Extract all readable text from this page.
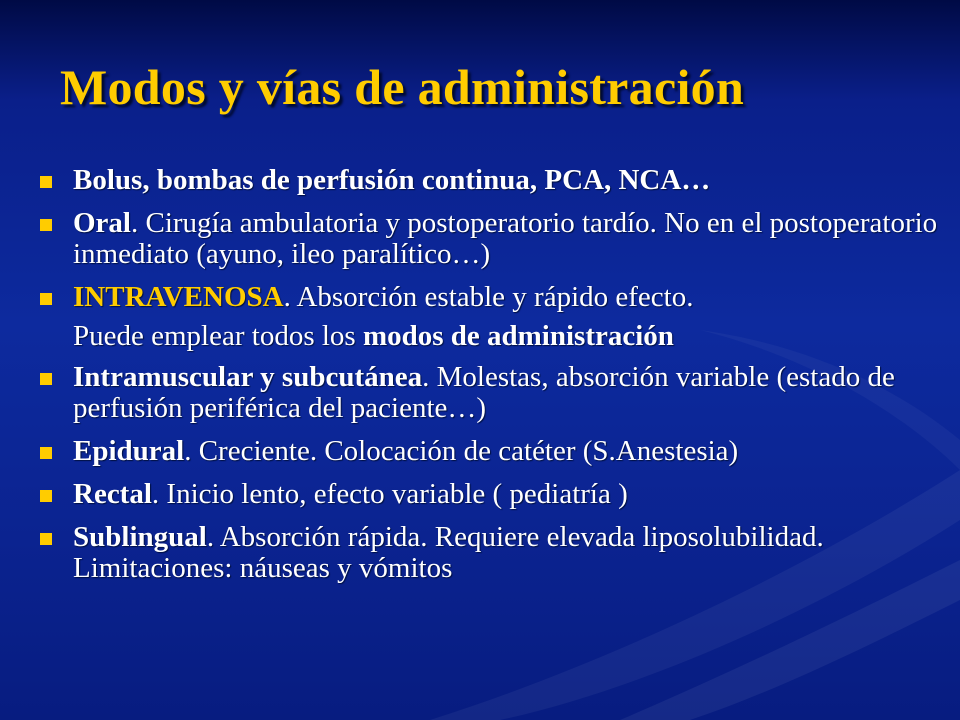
Modos y vías de administración
Bolus, bombas de perfusión continua, PCA, NCA…
Oral. Cirugía ambulatoria y postoperatorio tardío. No en el postoperatorio inmediato (ayuno, ileo paralítico…)
INTRAVENOSA. Absorción estable y rápido efecto.
Puede emplear todos los modos de administración
Intramuscular y subcutánea. Molestas, absorción variable (estado de perfusión periférica del paciente…)
Epidural. Creciente. Colocación de catéter (S.Anestesia)
Rectal. Inicio lento, efecto variable ( pediatría )
Sublingual. Absorción rápida. Requiere elevada liposolubilidad. Limitaciones: náuseas y vómitos
